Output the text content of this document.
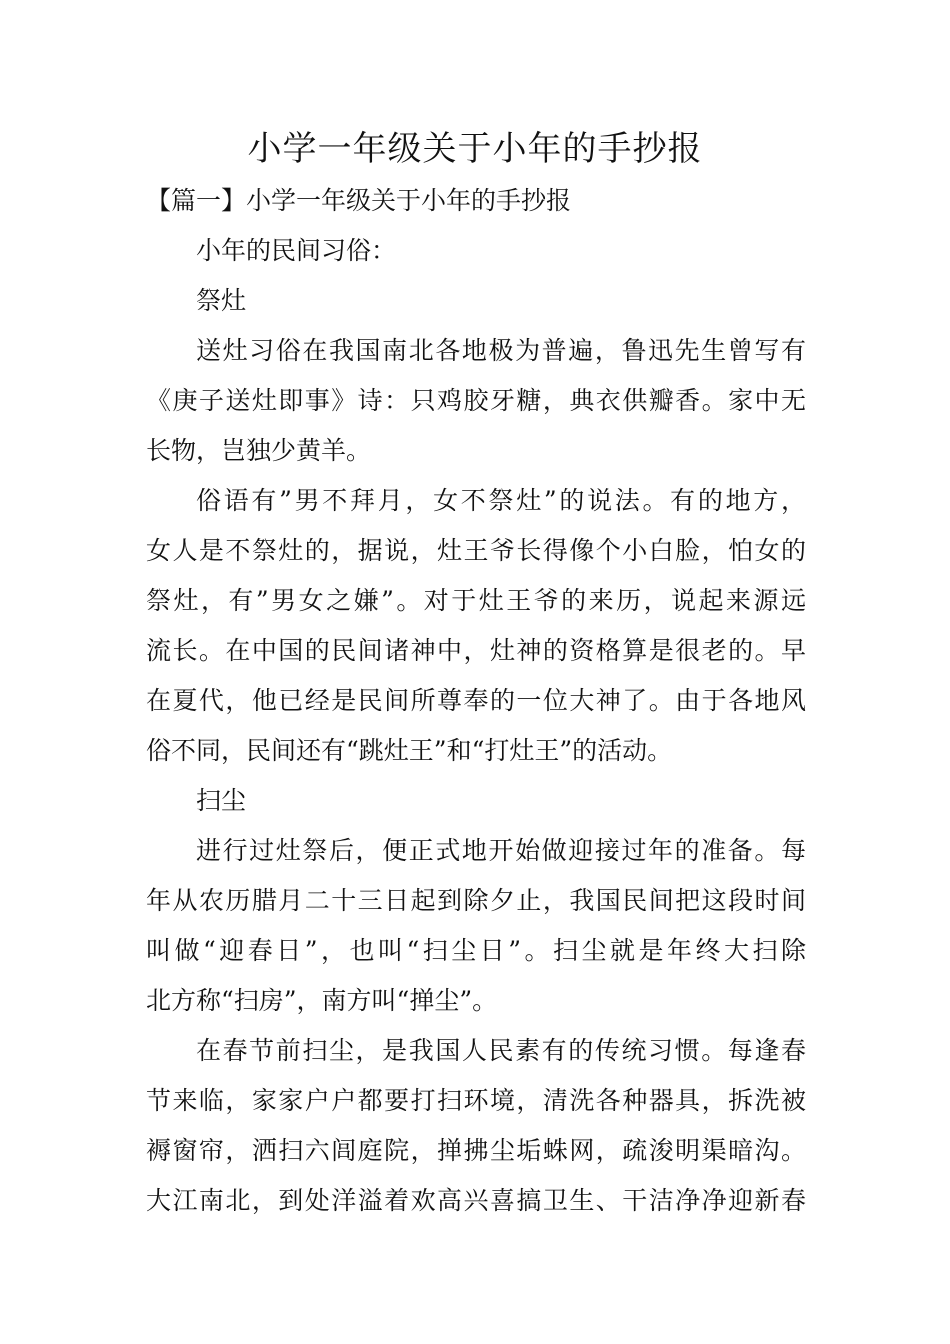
小学一年级关于小年的手抄报
【篇一】小学一年级关于小年的手抄报
小年的民间习俗：
祭灶
送灶习俗在我国南北各地极为普遍，鲁迅先生曾写有
《庚子送灶即事》诗：只鸡胶牙糖，典衣供瓣香。家中无
长物，岂独少黄羊。
俗语有”男不拜月，女不祭灶”的说法。有的地方，
女人是不祭灶的，据说，灶王爷长得像个小白脸，怕女的
祭灶，有”男女之嫌”。对于灶王爷的来历，说起来源远
流长。在中国的民间诸神中，灶神的资格算是很老的。早
在夏代，他已经是民间所尊奉的一位大神了。由于各地风
俗不同，民间还有“跳灶王”和“打灶王”的活动。
扫尘
进行过灶祭后，便正式地开始做迎接过年的准备。每
年从农历腊月二十三日起到除夕止，我国民间把这段时间
叫做“迎春日”，也叫“扫尘日”。扫尘就是年终大扫除
北方称“扫房”，南方叫“掸尘”。
在春节前扫尘，是我国人民素有的传统习惯。每逢春
节来临，家家户户都要打扫环境，清洗各种器具，拆洗被
褥窗帘，洒扫六闾庭院，掸拂尘垢蛛网，疏浚明渠暗沟。
大江南北，到处洋溢着欢高兴喜搞卫生、干洁净净迎新春
